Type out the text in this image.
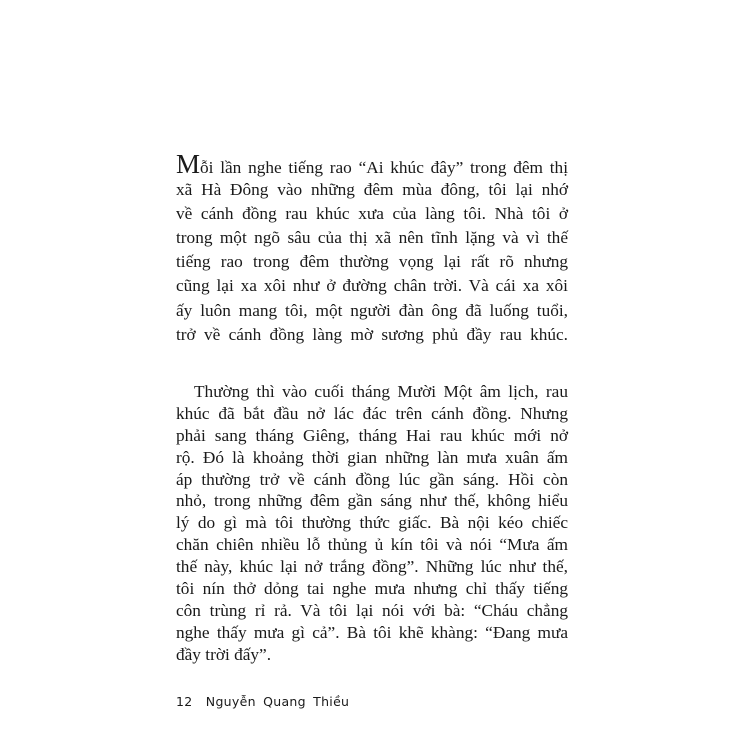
Mỗi lần nghe tiếng rao “Ai khúc đây” trong đêm thị
xã Hà Đông vào những đêm mùa đông, tôi lại nhớ
về cánh đồng rau khúc xưa của làng tôi. Nhà tôi ở
trong một ngõ sâu của thị xã nên tĩnh lặng và vì thế
tiếng rao trong đêm thường vọng lại rất rõ nhưng
cũng lại xa xôi như ở đường chân trời. Và cái xa xôi
ấy luôn mang tôi, một người đàn ông đã luống tuổi,
trở về cánh đồng làng mờ sương phủ đầy rau khúc.
Thường thì vào cuối tháng Mười Một âm lịch, rau
khúc đã bắt đầu nở lác đác trên cánh đồng. Nhưng
phải sang tháng Giêng, tháng Hai rau khúc mới nở
rộ. Đó là khoảng thời gian những làn mưa xuân ấm
áp thường trở về cánh đồng lúc gần sáng. Hồi còn
nhỏ, trong những đêm gần sáng như thế, không hiểu
lý do gì mà tôi thường thức giấc. Bà nội kéo chiếc
chăn chiên nhiều lỗ thủng ủ kín tôi và nói “Mưa ấm
thế này, khúc lại nở trắng đồng”. Những lúc như thế,
tôi nín thở dỏng tai nghe mưa nhưng chỉ thấy tiếng
côn trùng rỉ rả. Và tôi lại nói với bà: “Cháu chẳng
nghe thấy mưa gì cả”. Bà tôi khẽ khàng: “Đang mưa
đầy trời đấy”.
12 Nguyễn Quang Thiều
